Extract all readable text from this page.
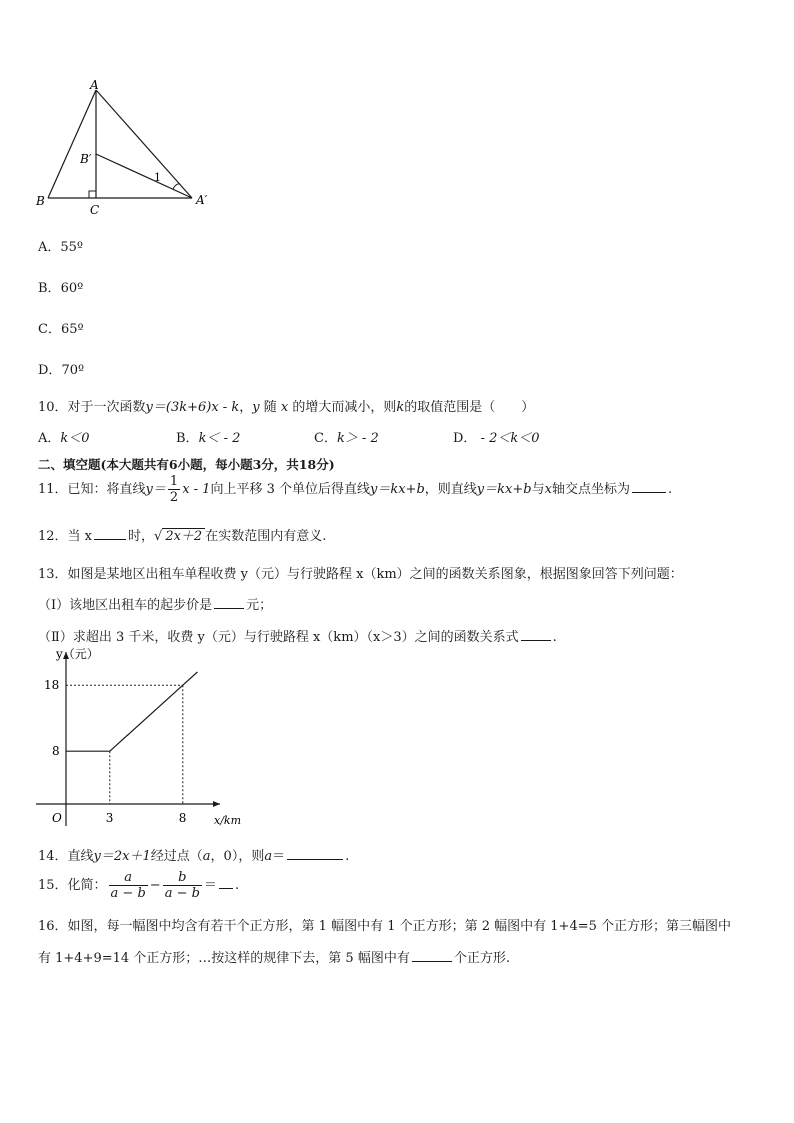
A
B
C
B′
A′
1
A．55º
B．60º
C．65º
D．70º
10．对于一次函数y＝(3k+6)x - k，y 随 x 的增大而减小，则k的取值范围是（　　）
A．k＜0	B．k＜ - 2	C．k＞ - 2	D． - 2＜k＜0
二、填空题(本大题共有6小题，每小题3分，共18分)
11．已知：将直线$y= \frac{1}{2}$ x - 1向上平移 3 个单位后得直线y＝kx+b，则直线y＝kx+b与x轴交点坐标为	.
12．当 x	时，√ 2x＋2 在实数范围内有意义.
13．如图是某地区出租车单程收费 y（元）与行驶路程 x（km）之间的函数关系图象，根据图象回答下列问题：
（Ⅰ）该地区出租车的起步价是	元；
（Ⅱ）求超出 3 千米，收费 y（元）与行驶路程 x（km）（x＞3）之间的函数关系式	.
3	8
8
18
O	x/km
y（元）
14．直线y＝2x＋1经过点（a，0），则a＝	.
15．化简： $\frac{a}{a - b} - \frac{b}{a - b}$ ＝ .
16．如图，每一幅图中均含有若干个正方形，第 1 幅图中有 1 个正方形；第 2 幅图中有 1+4=5 个正方形；第三幅图中
有 1+4+9=14 个正方形；…按这样的规律下去，第 5 幅图中有	个正方形.
